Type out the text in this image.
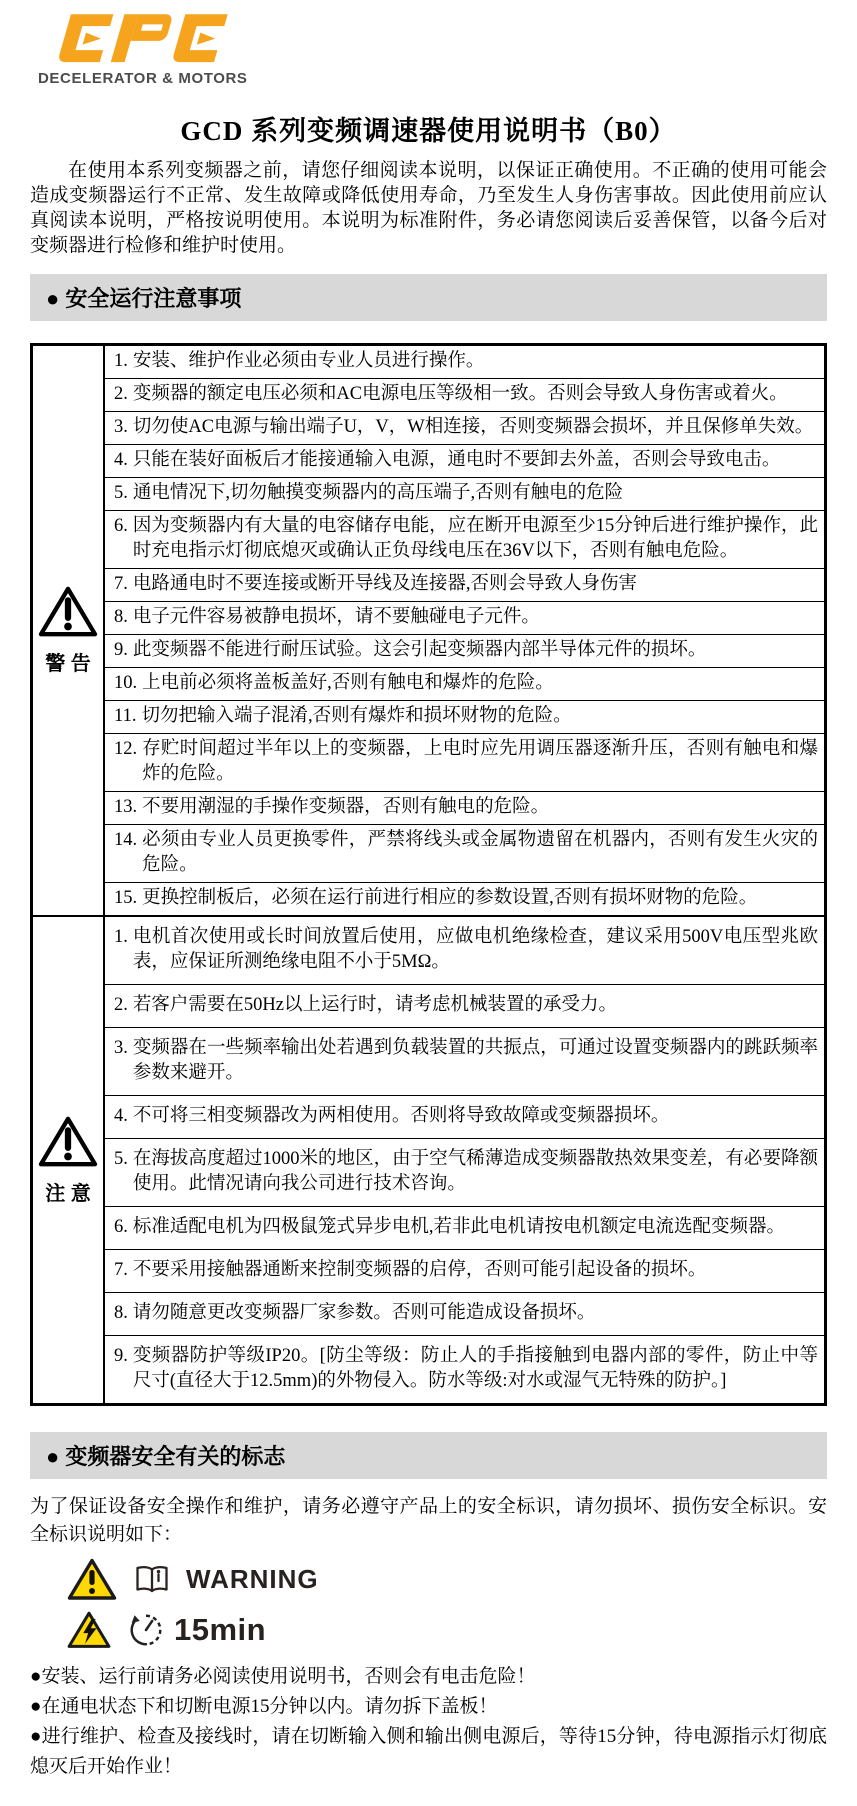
DECELERATOR & MOTORS
GCD 系列变频调速器使用说明书（B0）

在使用本系列变频器之前，请您仔细阅读本说明，以保证正确使用。不正确的使用可能会造成变频器运行不正常、发生故障或降低使用寿命，乃至发生人身伤害事故。因此使用前应认真阅读本说明，严格按说明使用。本说明为标准附件，务必请您阅读后妥善保管，以备今后对变频器进行检修和维护时使用。

● 安全运行注意事项
警 告
1. 安装、维护作业必须由专业人员进行操作。
2. 变频器的额定电压必须和AC电源电压等级相一致。否则会导致人身伤害或着火。
3. 切勿使AC电源与输出端子U，V，W相连接，否则变频器会损坏，并且保修单失效。
4. 只能在装好面板后才能接通输入电源，通电时不要卸去外盖，否则会导致电击。
5. 通电情况下,切勿触摸变频器内的高压端子,否则有触电的危险
6. 因为变频器内有大量的电容储存电能，应在断开电源至少15分钟后进行维护操作，此时充电指示灯彻底熄灭或确认正负母线电压在36V以下，否则有触电危险。
7. 电路通电时不要连接或断开导线及连接器,否则会导致人身伤害
8. 电子元件容易被静电损坏，请不要触碰电子元件。
9. 此变频器不能进行耐压试验。这会引起变频器内部半导体元件的损坏。
10. 上电前必须将盖板盖好,否则有触电和爆炸的危险。
11. 切勿把输入端子混淆,否则有爆炸和损坏财物的危险。
12. 存贮时间超过半年以上的变频器，上电时应先用调压器逐渐升压，否则有触电和爆炸的危险。
13. 不要用潮湿的手操作变频器，否则有触电的危险。
14. 必须由专业人员更换零件，严禁将线头或金属物遗留在机器内，否则有发生火灾的危险。
15. 更换控制板后，必须在运行前进行相应的参数设置,否则有损坏财物的危险。
注 意
1. 电机首次使用或长时间放置后使用，应做电机绝缘检查，建议采用500V电压型兆欧表，应保证所测绝缘电阻不小于5MΩ。
2. 若客户需要在50Hz以上运行时，请考虑机械装置的承受力。
3. 变频器在一些频率输出处若遇到负载装置的共振点，可通过设置变频器内的跳跃频率参数来避开。
4. 不可将三相变频器改为两相使用。否则将导致故障或变频器损坏。
5. 在海拔高度超过1000米的地区，由于空气稀薄造成变频器散热效果变差，有必要降额使用。此情况请向我公司进行技术咨询。
6. 标准适配电机为四极鼠笼式异步电机,若非此电机请按电机额定电流选配变频器。
7. 不要采用接触器通断来控制变频器的启停，否则可能引起设备的损坏。
8. 请勿随意更改变频器厂家参数。否则可能造成设备损坏。
9. 变频器防护等级IP20。[防尘等级：防止人的手指接触到电器内部的零件，防止中等尺寸(直径大于12.5mm)的外物侵入。防水等级:对水或湿气无特殊的防护。]
● 变频器安全有关的标志

为了保证设备安全操作和维护，请务必遵守产品上的安全标识，请勿损坏、损伤安全标识。安全标识说明如下：

WARNING
15min
●安装、运行前请务必阅读使用说明书，否则会有电击危险！
●在通电状态下和切断电源15分钟以内。请勿拆下盖板！
●进行维护、检查及接线时，请在切断输入侧和输出侧电源后，等待15分钟，待电源指示灯彻底熄灭后开始作业！
